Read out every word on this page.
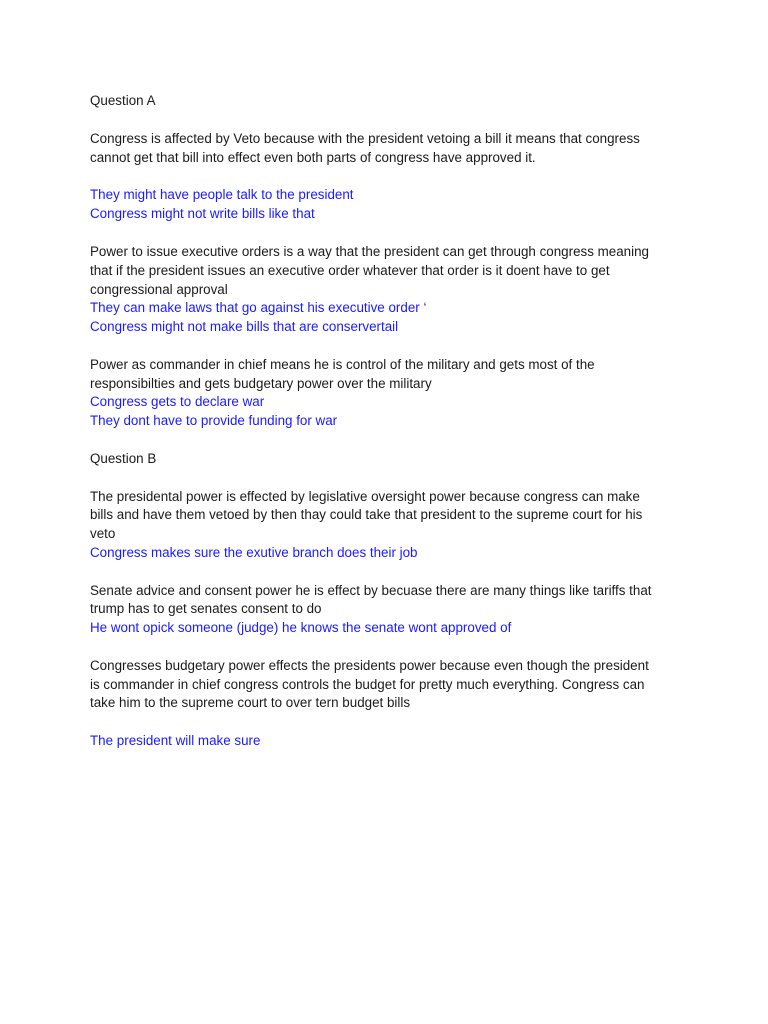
Question A
Congress is affected by Veto because with the president vetoing a bill it means that congress
cannot get that bill into effect even both parts of congress have approved it.
They might have people talk to the president
Congress might not write bills like that
Power to issue executive orders is a way that the president can get through congress meaning
that if the president issues an executive order whatever that order is it doent have to get
congressional approval
They can make laws that go against his executive order ‘
Congress might not make bills that are conservertail
Power as commander in chief means he is control of the military and gets most of the
responsibilties and gets budgetary power over the military
Congress gets to declare war
They dont have to provide funding for war
Question B
The presidental power is effected by legislative oversight power because congress can make
bills and have them vetoed by then thay could take that president to the supreme court for his
veto
Congress makes sure the exutive branch does their job
Senate advice and consent power he is effect by becuase there are many things like tariffs that
trump has to get senates consent to do
He wont opick someone (judge) he knows the senate wont approved of
Congresses budgetary power effects the presidents power because even though the president
is commander in chief congress controls the budget for pretty much everything. Congress can
take him to the supreme court to over tern budget bills
The president will make sure
